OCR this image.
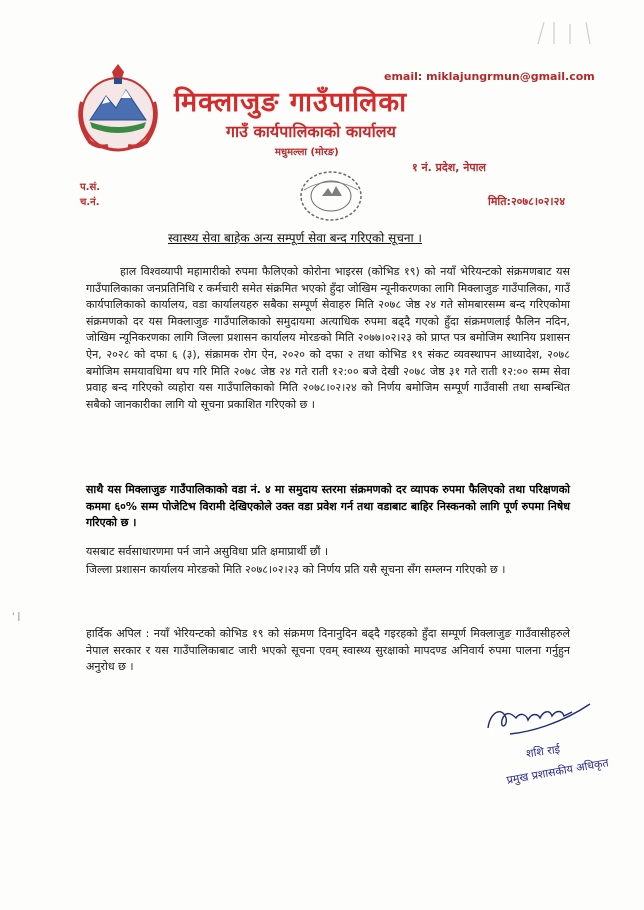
email: miklajungrmun@gmail.com
मिक्लाजुङ गाउँपालिका
गाउँ कार्यपालिकाको कार्यालय
मधुमल्ला (मोरङ)
१ नं. प्रदेश, नेपाल
प.सं.
च.नं.	मिति:२०७८।०२।२४
स्वास्थ्य सेवा बाहेक अन्य सम्पूर्ण सेवा बन्द गरिएको सूचना ।
हाल विश्वव्यापी महामारीको रुपमा फैलिएको कोरोना भाइरस (कोभिड १९) को नयाँ भेरियन्टको संक्रमणबाट यस गाउँपालिकाका जनप्रतिनिधि र कर्मचारी समेत संक्रमित भएको हुँदा जोखिम न्यूनीकरणका लागि मिक्लाजुङ गाउँपालिका, गाउँ कार्यपालिकाको कार्यालय, वडा कार्यालयहरु सबैका सम्पूर्ण सेवाहरु मिति २०७८ जेष्ठ २४ गते सोमबारसम्म बन्द गरिएकोमा संक्रमणको दर यस मिक्लाजुङ गाउँपालिकाको समुदायमा अत्याधिक रुपमा बढ्दै गएको हुँदा संक्रमणलाई फैलिन नदिन, जोखिम न्यूनिकरणका लागि जिल्ला प्रशासन कार्यालय मोरङको मिति २०७७।०२।२३ को प्राप्त पत्र बमोजिम स्थानिय प्रशासन ऐन, २०२८ को दफा ६ (३), संक्रामक रोग ऐन, २०२० को दफा २ तथा कोभिड १९ संकट व्यवस्थापन आध्यादेश, २०७८ बमोजिम समयावधिमा थप गरि मिति २०७८ जेष्ठ २४ गते राती १२:०० बजे देखी २०७८ जेष्ठ ३१ गते राती १२:०० सम्म सेवा प्रवाह बन्द गरिएको व्यहोरा यस गाउँपालिकाको मिति २०७८।०२।२४ को निर्णय बमोजिम सम्पूर्ण गाउँवासी तथा सम्बन्धित सबैको जानकारीका लागि यो सूचना प्रकाशित गरिएको छ ।
साथै यस मिक्लाजुङ गाउँपालिकाको वडा नं. ४ मा समुदाय स्तरमा संक्रमणको दर व्यापक रुपमा फैलिएको तथा परिक्षणको कममा ६०% सम्म पोजेटिभ विरामी देखिएकोले उक्त वडा प्रवेश गर्न तथा वडाबाट बाहिर निस्कनको लागि पूर्ण रुपमा निषेध गरिएको छ ।
यसबाट सर्वसाधारणमा पर्न जाने असुविधा प्रति क्षमाप्रार्थी छौं ।
जिल्ला प्रशासन कार्यालय मोरङको मिति २०७८।०२।२३ को निर्णय प्रति यसै सूचना सँग सम्लग्न गरिएको छ ।
हार्दिक अपिल : नयाँ भेरियन्टको कोभिड १९ को संक्रमण दिनानुदिन बढ्दै गइरहको हुँदा सम्पूर्ण मिक्लाजुङ गाउँवासीहरुले नेपाल सरकार र यस गाउँपालिकाबाट जारी भएको सूचना एवम् स्वास्थ्य सुरक्षाको मापदण्ड अनिवार्य रुपमा पालना गर्नुहुन अनुरोध छ ।
' |
शशि राई
प्रमुख प्रशासकीय अधिकृत
